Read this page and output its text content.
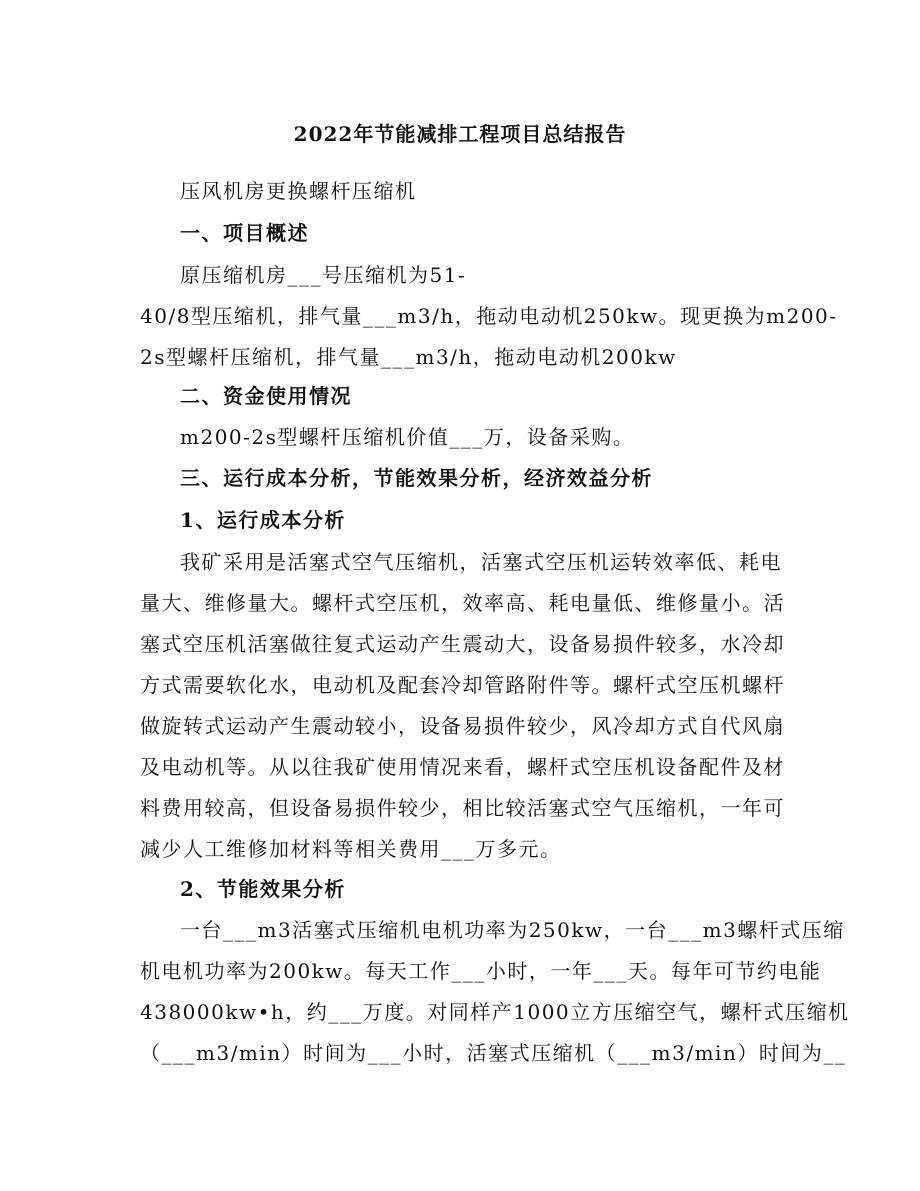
2022年节能减排工程项目总结报告
压风机房更换螺杆压缩机
一、项目概述
原压缩机房___号压缩机为51-
40/8型压缩机，排气量___m3/h，拖动电动机250kw。现更换为m200-
2s型螺杆压缩机，排气量___m3/h，拖动电动机200kw
二、资金使用情况
m200-2s型螺杆压缩机价值___万，设备采购。
三、运行成本分析，节能效果分析，经济效益分析
1、运行成本分析
我矿采用是活塞式空气压缩机，活塞式空压机运转效率低、耗电
量大、维修量大。螺杆式空压机，效率高、耗电量低、维修量小。活
塞式空压机活塞做往复式运动产生震动大，设备易损件较多，水冷却
方式需要软化水，电动机及配套冷却管路附件等。螺杆式空压机螺杆
做旋转式运动产生震动较小，设备易损件较少，风冷却方式自代风扇
及电动机等。从以往我矿使用情况来看，螺杆式空压机设备配件及材
料费用较高，但设备易损件较少，相比较活塞式空气压缩机，一年可
减少人工维修加材料等相关费用___万多元。
2、节能效果分析
一台___m3活塞式压缩机电机功率为250kw，一台___m3螺杆式压缩
机电机功率为200kw。每天工作___小时，一年___天。每年可节约电能
438000kw•h，约___万度。对同样产1000立方压缩空气，螺杆式压缩机
（___m3/min）时间为___小时，活塞式压缩机（___m3/min）时间为__
